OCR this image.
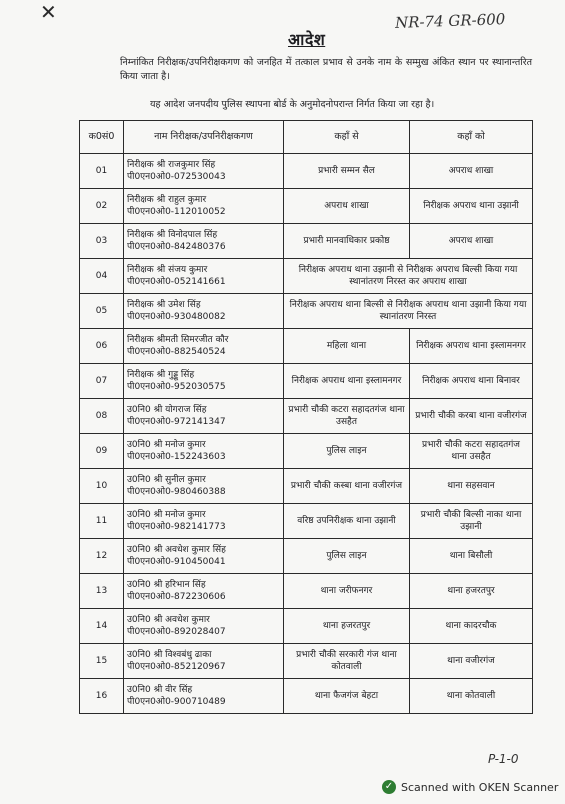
✕	NR-74 GR-600
आदेश
निम्नांकित निरीक्षक/उपनिरीक्षकगण को जनहित में तत्काल प्रभाव से उनके नाम के सम्मुख अंकित स्थान पर स्थानान्तरित किया जाता है।
यह आदेश जनपदीय पुलिस स्थापना बोर्ड के अनुमोदनोपरान्त निर्गत किया जा रहा है।
क0सं0	नाम निरीक्षक/उपनिरीक्षकगण	कहाँ से	कहाँ को
01	निरीक्षक श्री राजकुमार सिंह
पी0एन0ओ0-072530043	प्रभारी सम्मन सैल	अपराध शाखा
02	निरीक्षक श्री राहुल कुमार
पी0एन0ओ0-112010052	अपराध शाखा	निरीक्षक अपराध थाना उझानी
03	निरीक्षक श्री विनोदपाल सिंह
पी0एन0ओ0-842480376	प्रभारी मानवाधिकार प्रकोष्ठ	अपराध शाखा
04	निरीक्षक श्री संजय कुमार
पी0एन0ओ0-052141661	निरीक्षक अपराध थाना उझानी से निरीक्षक अपराध बिल्सी किया गया स्थानांतरण निरस्त कर अपराध शाखा	
05	निरीक्षक श्री उमेश सिंह
पी0एन0ओ0-930480082	निरीक्षक अपराध थाना बिल्सी से निरीक्षक अपराध थाना उझानी किया गया स्थानांतरण निरस्त	
06	निरीक्षक श्रीमती सिमरजीत कौर
पी0एन0ओ0-882540524	महिला थाना	निरीक्षक अपराध थाना इस्लामनगर
07	निरीक्षक श्री गुड्डू सिंह
पी0एन0ओ0-952030575	निरीक्षक अपराध थाना इस्लामनगर	निरीक्षक अपराध थाना बिनावर
08	उ0नि0 श्री योगराज सिंह
पी0एन0ओ0-972141347	प्रभारी चौकी कटरा सहादतगंज थाना उसहैत	प्रभारी चौकी करबा थाना वजीरगंज
09	उ0नि0 श्री मनोज कुमार
पी0एन0ओ0-152243603	पुलिस लाइन	प्रभारी चौकी कटरा सहादतगंज थाना उसहैत
10	उ0नि0 श्री सुनील कुमार
पी0एन0ओ0-980460388	प्रभारी चौकी कस्बा थाना वजीरगंज	थाना सहसवान
11	उ0नि0 श्री मनोज कुमार
पी0एन0ओ0-982141773	वरिष्ठ उपनिरीक्षक थाना उझानी	प्रभारी चौकी बिल्सी नाका थाना उझानी
12	उ0नि0 श्री अवधेश कुमार सिंह
पी0एन0ओ0-910450041	पुलिस लाइन	थाना बिसौली
13	उ0नि0 श्री हरिभान सिंह
पी0एन0ओ0-872230606	थाना जरीफनगर	थाना हजरतपुर
14	उ0नि0 श्री अवधेश कुमार
पी0एन0ओ0-892028407	थाना हजरतपुर	थाना कादरचौक
15	उ0नि0 श्री विश्वबंधु ढाका
पी0एन0ओ0-852120967	प्रभारी चौकी सरकारी गंज थाना कोतवाली	थाना वजीरगंज
16	उ0नि0 श्री वीर सिंह
पी0एन0ओ0-900710489	थाना फैजगंज बेहटा	थाना कोतवाली
P-1-0
✓ Scanned with OKEN Scanner
